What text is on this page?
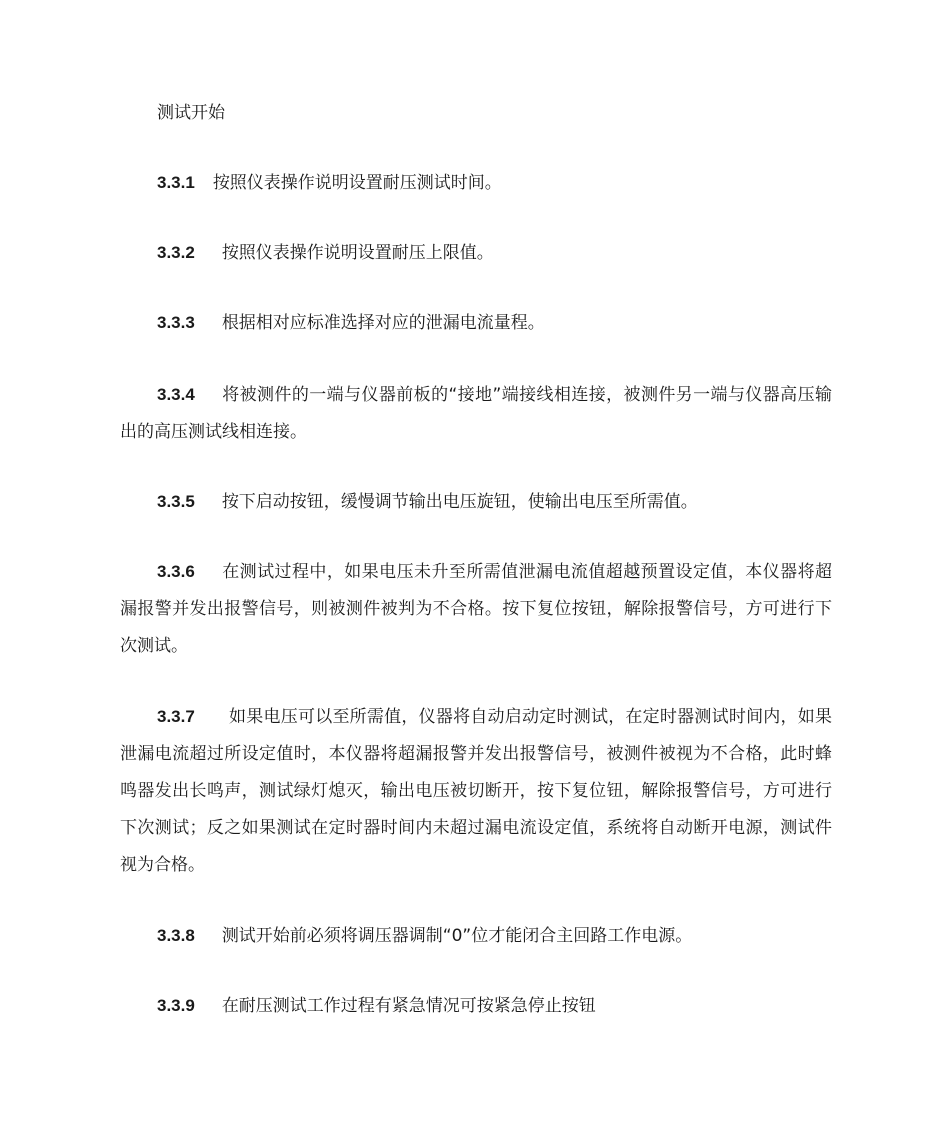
测试开始
3.3.1 按照仪表操作说明设置耐压测试时间。
3.3.2 按照仪表操作说明设置耐压上限值。
3.3.3 根据相对应标准选择对应的泄漏电流量程。
3.3.4 将被测件的一端与仪器前板的“接地”端接线相连接，被测件另一端与仪器高压输出的高压测试线相连接。
3.3.5 按下启动按钮，缓慢调节输出电压旋钮，使输出电压至所需值。
3.3.6 在测试过程中，如果电压未升至所需值泄漏电流值超越预置设定值，本仪器将超漏报警并发出报警信号，则被测件被判为不合格。按下复位按钮，解除报警信号，方可进行下次测试。
3.3.7 如果电压可以至所需值，仪器将自动启动定时测试，在定时器测试时间内，如果泄漏电流超过所设定值时，本仪器将超漏报警并发出报警信号，被测件被视为不合格，此时蜂鸣器发出长鸣声，测试绿灯熄灭，输出电压被切断开，按下复位钮，解除报警信号，方可进行下次测试；反之如果测试在定时器时间内未超过漏电流设定值，系统将自动断开电源，测试件视为合格。
3.3.8 测试开始前必须将调压器调制“0”位才能闭合主回路工作电源。
3.3.9 在耐压测试工作过程有紧急情况可按紧急停止按钮
